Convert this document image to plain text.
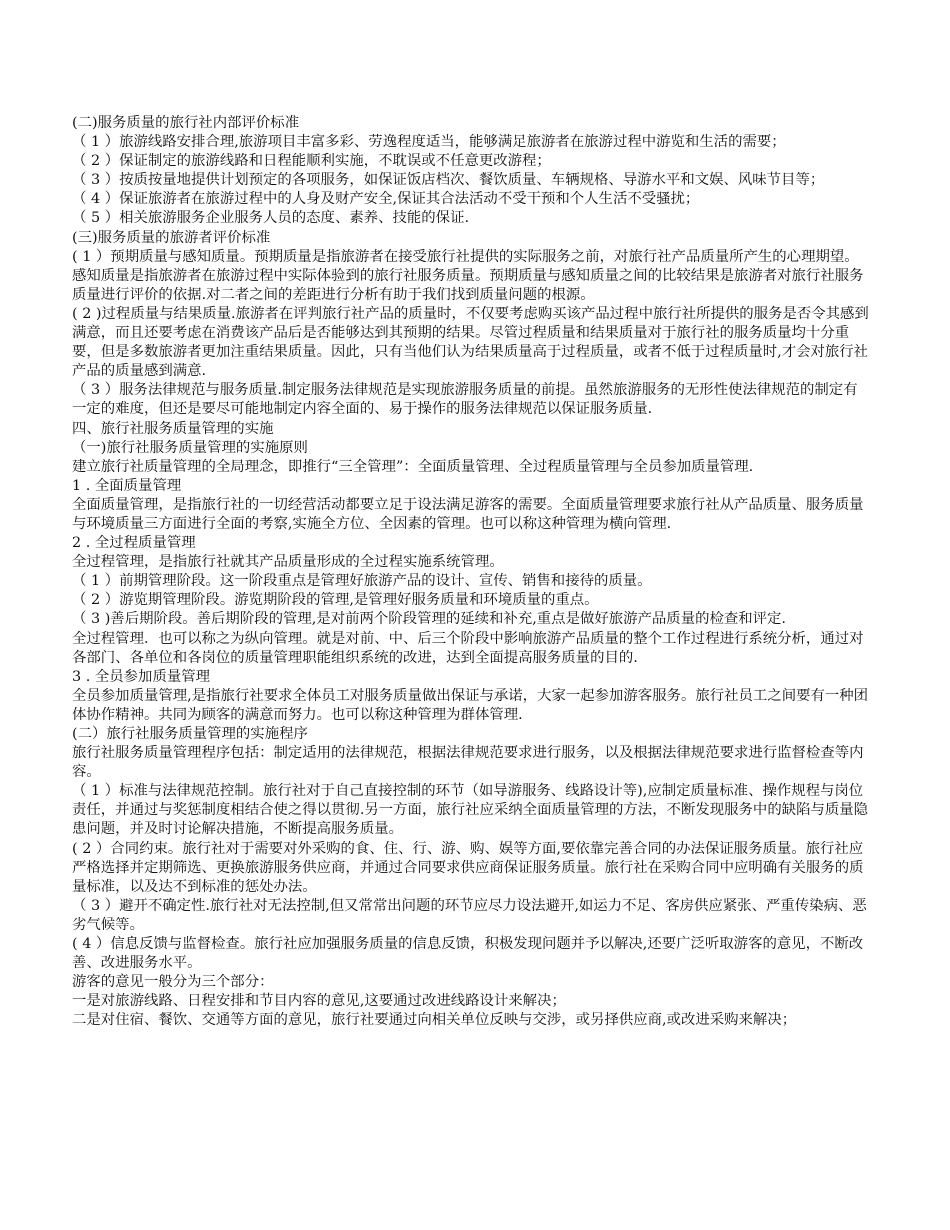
(二)服务质量的旅行社内部评价标准

（ 1 ）旅游线路安排合理,旅游项目丰富多彩、劳逸程度适当，能够满足旅游者在旅游过程中游览和生活的需要；

（ 2 ）保证制定的旅游线路和日程能顺利实施，不耽误或不任意更改游程；

（ 3 ）按质按量地提供计划预定的各项服务，如保证饭店档次、餐饮质量、车辆规格、导游水平和文娱、风味节目等；

（ 4 ）保证旅游者在旅游过程中的人身及财产安全,保证其合法活动不受干预和个人生活不受骚扰；

（ 5 ）相关旅游服务企业服务人员的态度、素养、技能的保证.

(三)服务质量的旅游者评价标准

( 1 ）预期质量与感知质量。预期质量是指旅游者在接受旅行社提供的实际服务之前，对旅行社产品质量所产生的心理期望。感知质量是指旅游者在旅游过程中实际体验到的旅行社服务质量。预期质量与感知质量之间的比较结果是旅游者对旅行社服务质量进行评价的依据.对二者之间的差距进行分析有助于我们找到质量问题的根源。

( 2 )过程质量与结果质量.旅游者在评判旅行社产品的质量时，不仅要考虑购买该产品过程中旅行社所提供的服务是否令其感到满意，而且还要考虑在消费该产品后是否能够达到其预期的结果。尽管过程质量和结果质量对于旅行社的服务质量均十分重要，但是多数旅游者更加注重结果质量。因此，只有当他们认为结果质量高于过程质量，或者不低于过程质量时,才会对旅行社产品的质量感到满意.

（ 3 ）服务法律规范与服务质量.制定服务法律规范是实现旅游服务质量的前提。虽然旅游服务的无形性使法律规范的制定有一定的难度，但还是要尽可能地制定内容全面的、易于操作的服务法律规范以保证服务质量.

四、旅行社服务质量管理的实施

（一)旅行社服务质量管理的实施原则

建立旅行社质量管理的全局理念，即推行“三全管理”：全面质量管理、全过程质量管理与全员参加质量管理.

1 . 全面质量管理

全面质量管理，是指旅行社的一切经营活动都要立足于设法满足游客的需要。全面质量管理要求旅行社从产品质量、服务质量与环境质量三方面进行全面的考察,实施全方位、全因素的管理。也可以称这种管理为横向管理.

2 . 全过程质量管理

全过程管理，是指旅行社就其产品质量形成的全过程实施系统管理。

（ 1 ）前期管理阶段。这一阶段重点是管理好旅游产品的设计、宣传、销售和接待的质量。

（ 2 ）游览期管理阶段。游览期阶段的管理,是管理好服务质量和环境质量的重点。

（ 3 )善后期阶段。善后期阶段的管理,是对前两个阶段管理的延续和补充,重点是做好旅游产品质量的检查和评定.

全过程管理．也可以称之为纵向管理。就是对前、中、后三个阶段中影响旅游产品质量的整个工作过程进行系统分析，通过对各部门、各单位和各岗位的质量管理职能组织系统的改进，达到全面提高服务质量的目的.

3 . 全员参加质量管理

全员参加质量管理,是指旅行社要求全体员工对服务质量做出保证与承诺，大家一起参加游客服务。旅行社员工之间要有一种团体协作精神。共同为顾客的满意而努力。也可以称这种管理为群体管理.

(二）旅行社服务质量管理的实施程序

旅行社服务质量管理程序包括：制定适用的法律规范，根据法律规范要求进行服务，以及根据法律规范要求进行监督检查等内容。

（ 1 ）标准与法律规范控制。旅行社对于自己直接控制的环节（如导游服务、线路设计等),应制定质量标准、操作规程与岗位责任，并通过与奖惩制度相结合使之得以贯彻.另一方面，旅行社应采纳全面质量管理的方法，不断发现服务中的缺陷与质量隐患问题，并及时讨论解决措施，不断提高服务质量。

( 2 ）合同约束。旅行社对于需要对外采购的食、住、行、游、购、娱等方面,要依靠完善合同的办法保证服务质量。旅行社应严格选择并定期筛选、更换旅游服务供应商，并通过合同要求供应商保证服务质量。旅行社在采购合同中应明确有关服务的质量标准，以及达不到标准的惩处办法。

（ 3 ）避开不确定性.旅行社对无法控制,但又常常出问题的环节应尽力设法避开,如运力不足、客房供应紧张、严重传染病、恶劣气候等。

( 4 ）信息反馈与监督检查。旅行社应加强服务质量的信息反馈，积极发现问题并予以解决,还要广泛听取游客的意见，不断改善、改进服务水平。

游客的意见一般分为三个部分：

一是对旅游线路、日程安排和节目内容的意见,这要通过改进线路设计来解决；

二是对住宿、餐饮、交通等方面的意见，旅行社要通过向相关单位反映与交涉，或另择供应商,或改进采购来解决；
